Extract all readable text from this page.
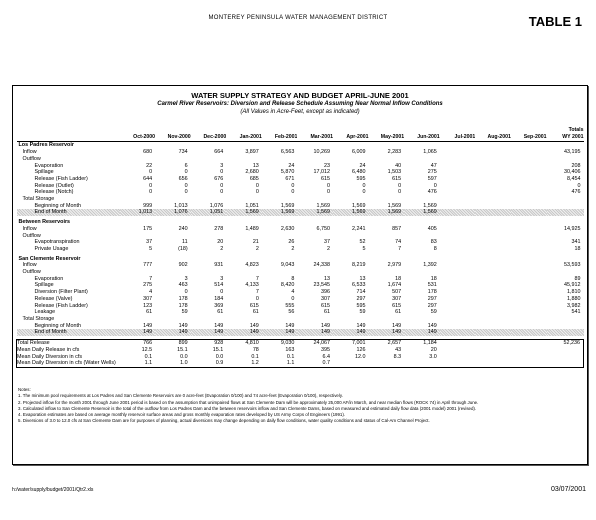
MONTEREY PENINSULA WATER MANAGEMENT DISTRICT	TABLE 1
WATER SUPPLY STRATEGY AND BUDGET APRIL-JUNE 2001
Carmel River Reservoirs: Diversion and Release Schedule Assuming Near Normal Inflow Conditions
(All Values in Acre-Feet, except as indicated)
	Oct-2000	Nov-2000	Dec-2000	Jan-2001	Feb-2001	Mar-2001	Apr-2001	May-2001	Jun-2001	Jul-2001	Aug-2001	Sep-2001	Totals
WY 2001

Los Padres Reservoir													
Inflow	680	734	664	3,897	6,563	10,269	6,009	2,283	1,065				43,195
Outflow													
Evaporation	22	6	3	13	24	23	24	40	47				208
Spillage	0	0	0	2,680	5,870	17,012	6,480	1,503	275				30,406
Release (Fish Ladder)	644	656	676	685	671	615	595	615	597				8,454
Release (Outlet)	0	0	0	0	0	0	0	0	0				0
Release (Notch)	0	0	0	0	0	0	0	0	476				476
Total Storage													
Beginning of Month	999	1,013	1,076	1,051	1,569	1,569	1,569	1,569	1,569				
End of Month	1,013	1,076	1,051	1,569	1,569	1,569	1,569	1,569	1,569				

Between Reservoirs													
Inflow	175	240	278	1,489	2,630	6,750	2,241	857	405				14,925
Outflow													
Evapotranspiration	37	11	20	21	26	37	52	74	83				341
Private Usage	5	(18)	2	2	2	2	5	7	8				18

San Clemente Reservoir													
Inflow	777	902	931	4,823	9,043	24,338	8,219	2,979	1,392				53,593
Outflow													
Evaporation	7	3	3	7	8	13	13	18	18				89
Spillage	275	463	514	4,133	8,420	23,545	6,533	1,674	531				45,912
Diversion (Filter Plant)	4	0	0	7	4	396	714	507	178				1,810
Release (Valve)	307	178	184	0	0	307	297	307	297				1,880
Release (Fish Ladder)	123	178	369	615	555	615	595	615	297				3,982
Leakage	61	59	61	61	56	61	59	61	59				541
Total Storage													
Beginning of Month	149	149	149	149	149	149	149	149	149				
End of Month	149	149	149	149	149	149	149	149	149				

Total Release	766	899	928	4,810	9,030	24,067	7,001	2,657	1,184				52,236
Mean Daily Release in cfs	12.5	15.1	15.1	78	163	395	126	43	20				
Mean Daily Diversion in cfs	0.1	0.0	0.0	0.1	0.1	6.4	12.0	8.3	3.0				
Mean Daily Diversion in cfs (Water Wells)	1.1	1.0	0.9	1.2	1.1	0.7							
Notes:
1. The minimum pool requirements at Los Padres and San Clemente Reservoirs are 0 acre-feet (Evaporation 0/100) and 74 acre-feet (Evaporation 0/100), respectively.
2. Projected inflow for the month 2001 through June 2001 period is based on the assumption that unimpaired flows at San Clemente Dam will be approximately 25,000 AF/in March, and near median flows (ROCK 74) in April through June.
3. Calculated inflow to San Clemente Reservoir is the total of the outflow from Los Padres Dam and the between reservoirs inflow and San Clemente Dams, based on measured and estimated daily flow data (2001 model) 2001 (revised).
4. Evaporation estimates are based on average monthly reservoir surface areas and gross monthly evaporation rates developed by US Army Corps of Engineers (1991).
5. Diversions of 3.0 to 12.0 cfs at San Clemente Dam are for purposes of planning, actual diversions may change depending on daily flow conditions, water quality conditions and status of Cal-Am Channel Project.
h:/water/supply/budget/2001/Qtr2.xls	03/07/2001
